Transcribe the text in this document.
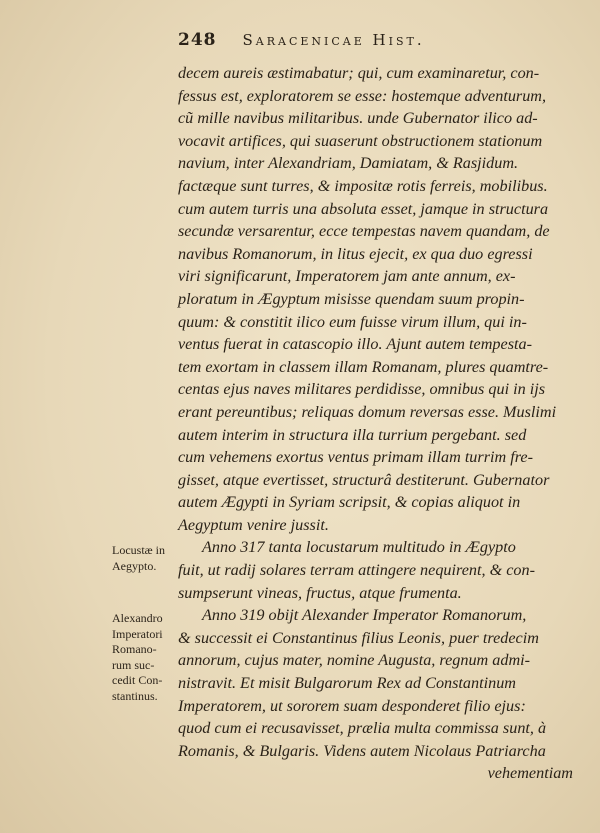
248 Saracenicae Hist.
decem aureis æstimabatur; qui, cum examinaretur, con-
fessus est, exploratorem se esse: hostemque adventurum,
cũ mille navibus militaribus. unde Gubernator ilico ad-
vocavit artifices, qui suaserunt obstructionem stationum
navium, inter Alexandriam, Damiatam, & Rasjidum.
factæque sunt turres, & impositæ rotis ferreis, mobilibus.
cum autem turris una absoluta esset, jamque in structura
secundæ versarentur, ecce tempestas navem quandam, de
navibus Romanorum, in litus ejecit, ex qua duo egressi
viri significarunt, Imperatorem jam ante annum, ex-
ploratum in Ægyptum misisse quendam suum propin-
quum: & constitit ilico eum fuisse virum illum, qui in-
ventus fuerat in catascopio illo. Ajunt autem tempesta-
tem exortam in classem illam Romanam, plures quamtre-
centas ejus naves militares perdidisse, omnibus qui in ijs
erant pereuntibus; reliquas domum reversas esse. Muslimi
autem interim in structura illa turrium pergebant. sed
cum vehemens exortus ventus primam illam turrim fre-
gisset, atque evertisset, structurâ destiterunt. Gubernator
autem Ægypti in Syriam scripsit, & copias aliquot in
Aegyptum venire jussit.
Anno 317 tanta locustarum multitudo in Ægypto
fuit, ut radij solares terram attingere nequirent, & con-
sumpserunt vineas, fructus, atque frumenta.
Anno 319 obijt Alexander Imperator Romanorum,
& successit ei Constantinus filius Leonis, puer tredecim
annorum, cujus mater, nomine Augusta, regnum admi-
nistravit. Et misit Bulgarorum Rex ad Constantinum
Imperatorem, ut sororem suam desponderet filio ejus:
quod cum ei recusavisset, prælia multa commissa sunt, à
Romanis, & Bulgaris. Videns autem Nicolaus Patriarcha
vehementiam
Locustæ in
Aegypto.
Alexandro
Imperatori
Romano-
rum suc-
cedit Con-
stantinus.
